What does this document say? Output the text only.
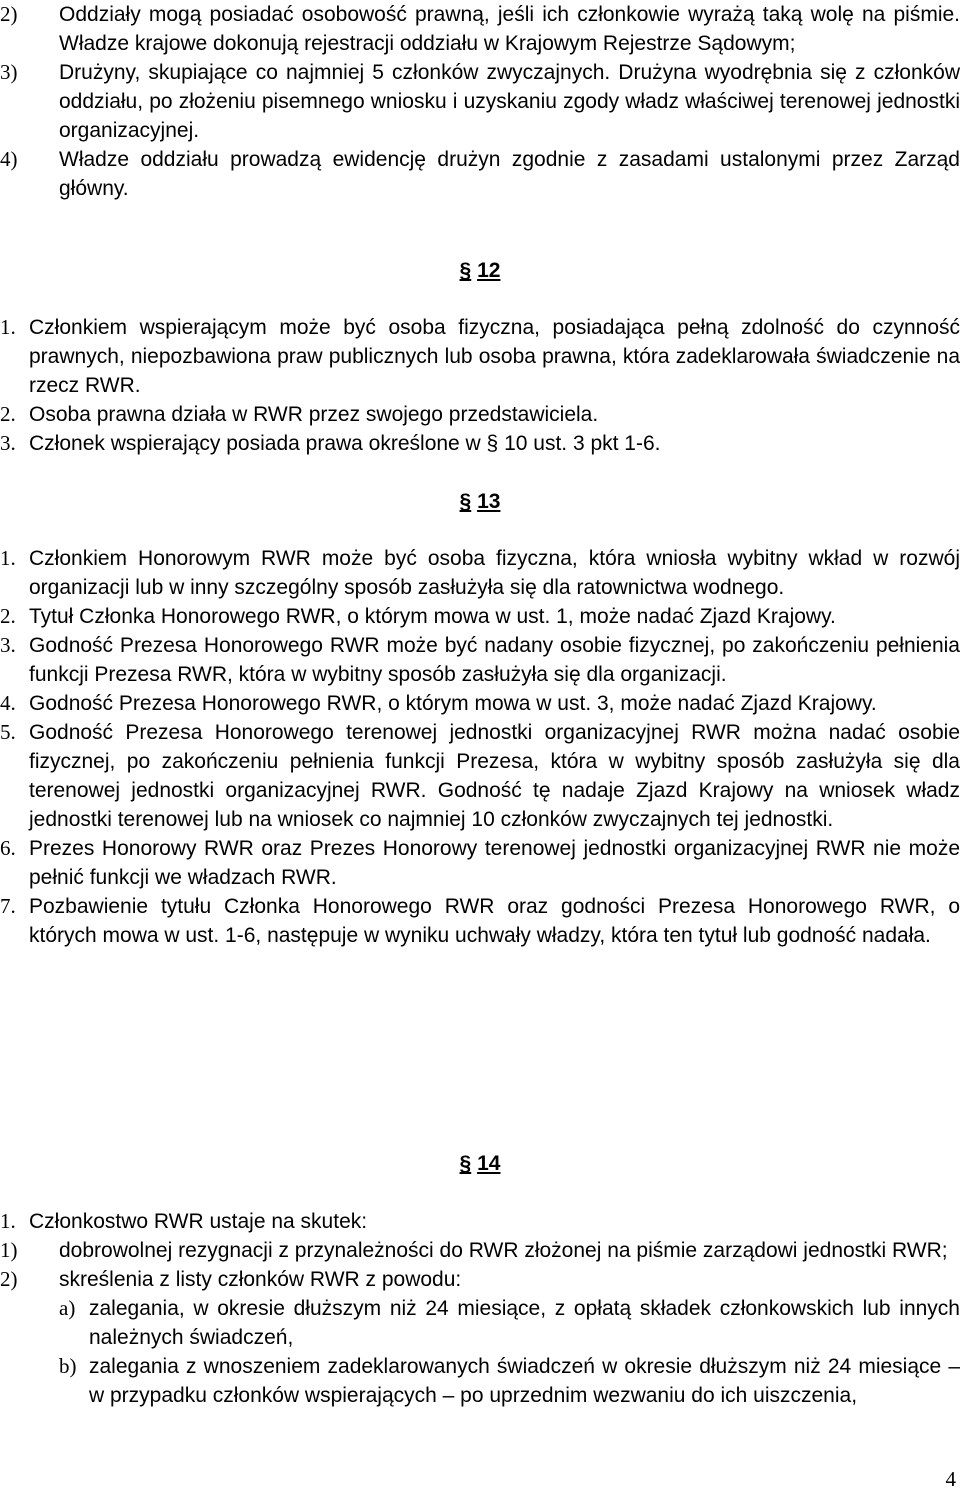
2) Oddziały mogą posiadać osobowość prawną, jeśli ich członkowie wyrażą taką wolę na piśmie. Władze krajowe dokonują rejestracji oddziału w Krajowym Rejestrze Sądowym;
3) Drużyny, skupiające co najmniej 5 członków zwyczajnych. Drużyna wyodrębnia się z członków oddziału, po złożeniu pisemnego wniosku i uzyskaniu zgody władz właściwej terenowej jednostki organizacyjnej.
4) Władze oddziału prowadzą ewidencję drużyn zgodnie z zasadami ustalonymi przez Zarząd główny.
§ 12
1. Członkiem wspierającym może być osoba fizyczna, posiadająca pełną zdolność do czynność prawnych, niepozbawiona praw publicznych lub osoba prawna, która zadeklarowała świadczenie na rzecz RWR.
2. Osoba prawna działa w RWR przez swojego przedstawiciela.
3. Członek wspierający posiada prawa określone w § 10 ust. 3 pkt 1-6.
§ 13
1. Członkiem Honorowym RWR może być osoba fizyczna, która wniosła wybitny wkład w rozwój organizacji lub w inny szczególny sposób zasłużyła się dla ratownictwa wodnego.
2. Tytuł Członka Honorowego RWR, o którym mowa w ust. 1, może nadać Zjazd Krajowy.
3. Godność Prezesa Honorowego RWR może być nadany osobie fizycznej, po zakończeniu pełnienia funkcji Prezesa RWR, która w wybitny sposób zasłużyła się dla organizacji.
4. Godność Prezesa Honorowego RWR, o którym mowa w ust. 3, może nadać Zjazd Krajowy.
5. Godność Prezesa Honorowego terenowej jednostki organizacyjnej RWR można nadać osobie fizycznej, po zakończeniu pełnienia funkcji Prezesa, która w wybitny sposób zasłużyła się dla terenowej jednostki organizacyjnej RWR. Godność tę nadaje Zjazd Krajowy na wniosek władz jednostki terenowej lub na wniosek co najmniej 10 członków zwyczajnych tej jednostki.
6. Prezes Honorowy RWR oraz Prezes Honorowy terenowej jednostki organizacyjnej RWR nie może pełnić funkcji we władzach RWR.
7. Pozbawienie tytułu Członka Honorowego RWR oraz godności Prezesa Honorowego RWR, o których mowa w ust. 1-6, następuje w wyniku uchwały władzy, która ten tytuł lub godność nadała.
§ 14
1. Członkostwo RWR ustaje na skutek:
1) dobrowolnej rezygnacji z przynależności do RWR złożonej na piśmie zarządowi jednostki RWR;
2) skreślenia z listy członków RWR z powodu:
a) zalegania, w okresie dłuższym niż 24 miesiące, z opłatą składek członkowskich lub innych należnych świadczeń,
b) zalegania z wnoszeniem zadeklarowanych świadczeń w okresie dłuższym niż 24 miesiące – w przypadku członków wspierających – po uprzednim wezwaniu do ich uiszczenia,
4
